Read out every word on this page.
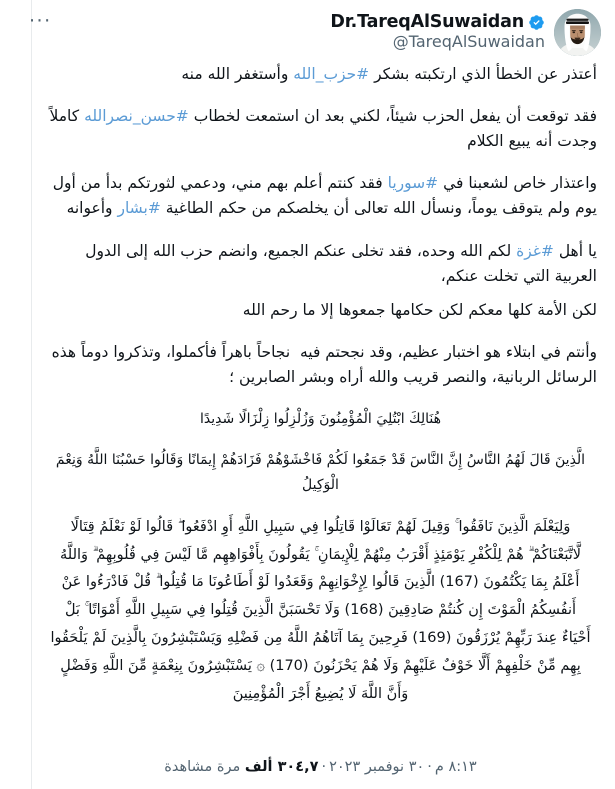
···	Dr.TareqAlSuwaidan
@TareqAlSuwaidan

أعتذر عن الخطأ الذي ارتكبته بشكر #حزب_الله وأستغفر الله منه

فقد توقعت أن يفعل الحزب شيئاً، لكني بعد ان استمعت لخطاب #حسن_نصرالله كاملاً وجدت أنه يبيع الكلام

واعتذار خاص لشعبنا في #سوريا فقد كنتم أعلم بهم مني، ودعمي لثورتكم بدأ من أول يوم ولم يتوقف يوماً، ونسأل الله تعالى أن يخلصكم من حكم الطاغية #بشار وأعوانه

يا أهل #غزة لكم الله وحده، فقد تخلى عنكم الجميع، وانضم حزب الله إلى الدول العربية التي تخلت عنكم،

لكن الأمة كلها معكم لكن حكامها جمعوها إلا ما رحم الله

وأنتم في ابتلاء هو اختبار عظيم، وقد نجحتم فيه  نجاحاً باهراً فأكملوا، وتذكروا دوماً هذه الرسائل الربانية، والنصر قريب والله أراه وبشر الصابرين ؛

هُنَالِكَ ابْتُلِيَ الْمُؤْمِنُونَ وَزُلْزِلُوا زِلْزَالًا شَدِيدًا

الَّذِينَ قَالَ لَهُمُ النَّاسُ إِنَّ النَّاسَ قَدْ جَمَعُوا لَكُمْ فَاخْشَوْهُمْ فَزَادَهُمْ إِيمَانًا وَقَالُوا حَسْبُنَا اللَّهُ وَنِعْمَ الْوَكِيلُ

وَلِيَعْلَمَ الَّذِينَ نَافَقُوا ۚ وَقِيلَ لَهُمْ تَعَالَوْا قَاتِلُوا فِي سَبِيلِ اللَّهِ أَوِ ادْفَعُوا ۖ قَالُوا لَوْ نَعْلَمُ قِتَالًا لَّاتَّبَعْنَاكُمْ ۗ هُمْ لِلْكُفْرِ يَوْمَئِذٍ أَقْرَبُ مِنْهُمْ لِلْإِيمَانِ ۚ يَقُولُونَ بِأَفْوَاهِهِم مَّا لَيْسَ فِي قُلُوبِهِمْ ۗ وَاللَّهُ أَعْلَمُ بِمَا يَكْتُمُونَ (167) الَّذِينَ قَالُوا لِإِخْوَانِهِمْ وَقَعَدُوا لَوْ أَطَاعُونَا مَا قُتِلُوا ۗ قُلْ فَادْرَءُوا عَنْ أَنفُسِكُمُ الْمَوْتَ إِن كُنتُمْ صَادِقِينَ (168) وَلَا تَحْسَبَنَّ الَّذِينَ قُتِلُوا فِي سَبِيلِ اللَّهِ أَمْوَاتًا ۚ بَلْ أَحْيَاءٌ عِندَ رَبِّهِمْ يُرْزَقُونَ (169) فَرِحِينَ بِمَا آتَاهُمُ اللَّهُ مِن فَضْلِهِ وَيَسْتَبْشِرُونَ بِالَّذِينَ لَمْ يَلْحَقُوا بِهِم مِّنْ خَلْفِهِمْ أَلَّا خَوْفٌ عَلَيْهِمْ وَلَا هُمْ يَحْزَنُونَ (170) ۞ يَسْتَبْشِرُونَ بِنِعْمَةٍ مِّنَ اللَّهِ وَفَضْلٍ وَأَنَّ اللَّهَ لَا يُضِيعُ أَجْرَ الْمُؤْمِنِينَ

٨:١٣ م·٣٠ نوفمبر ٢٠٢٣·٣٠٤,٧ ألف مرة مشاهدة
